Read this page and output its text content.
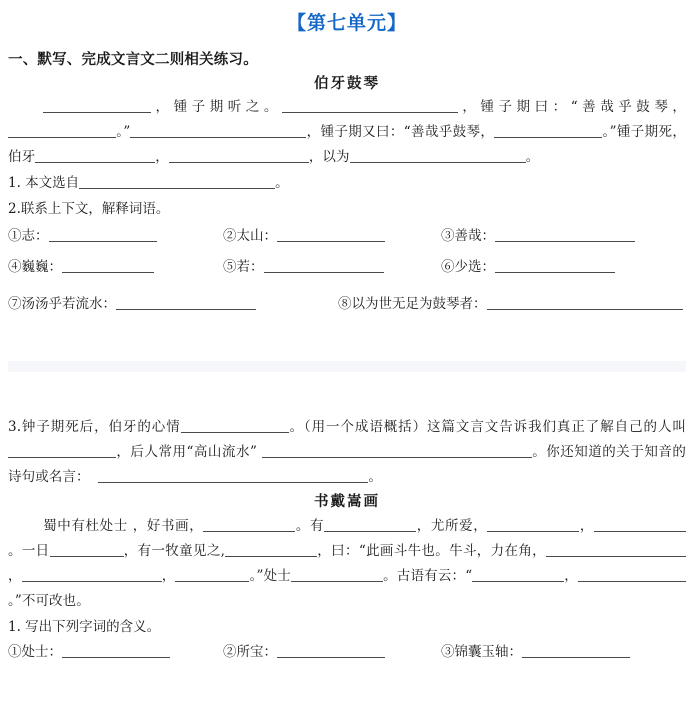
【第七单元】
一、默写、完成文言文二则相关练习。
伯牙鼓琴
，锺子期听之。	，锺子期曰：“善哉乎鼓琴，。”	，锺子期又曰：“善哉乎鼓琴，	。”锺子期死，伯牙	，	，以为	。
1. 本文选自	。
2.联系上下文，解释词语。
①志：	②太山：	③善哉：
④巍巍：	⑤若：	⑥少选：
⑦汤汤乎若流水：	⑧以为世无足为鼓琴者：
3.钟子期死后，伯牙的心情	。（用一个成语概括）这篇文言文告诉我们真正了解自己的人叫，后人常用“高山流水”	。你还知道的关于知音的诗句或名言：	。
书戴嵩画
蜀中有杜处士 ，好书画，	。有	，尤所爱，	，。一日	，有一牧童见之,	，曰：“此画斗牛也。牛斗，力在角，，	，	。”处士	。古语有云：“	，。”不可改也。
1. 写出下列字词的含义。
①处士：	②所宝：	③锦囊玉轴：
